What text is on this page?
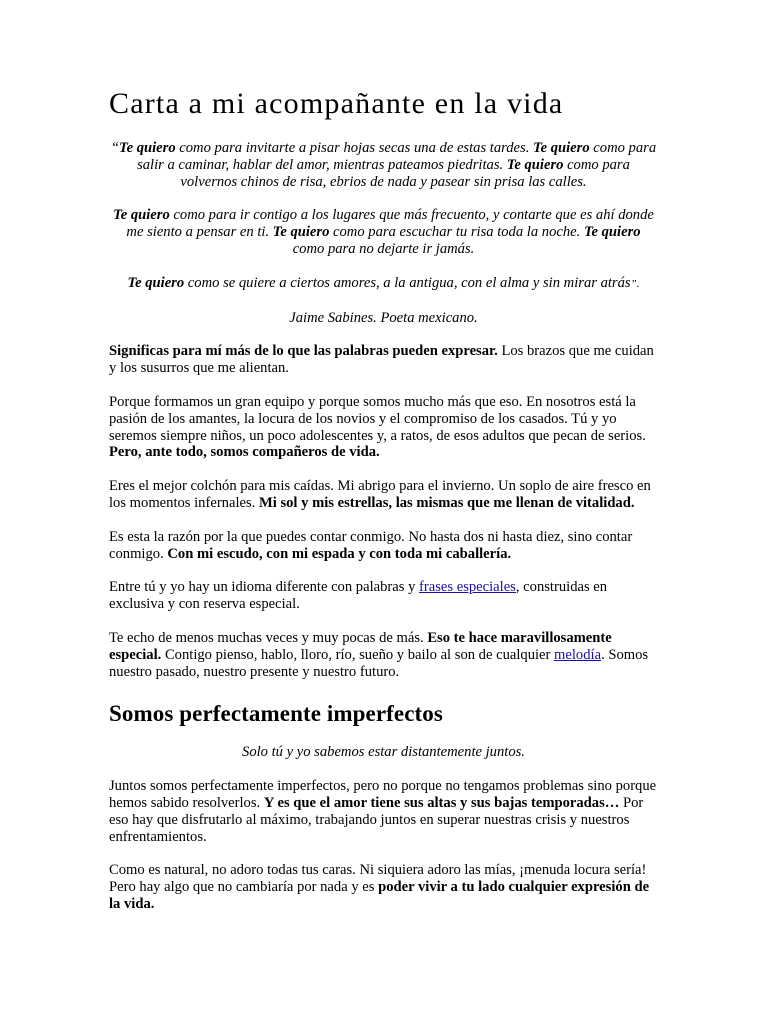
Carta a mi acompañante en la vida

“Te quiero como para invitarte a pisar hojas secas una de estas tardes. Te quiero como para salir a caminar, hablar del amor, mientras pateamos piedritas. Te quiero como para volvernos chinos de risa, ebrios de nada y pasear sin prisa las calles.

Te quiero como para ir contigo a los lugares que más frecuento, y contarte que es ahí donde me siento a pensar en ti. Te quiero como para escuchar tu risa toda la noche. Te quiero como para no dejarte ir jamás.

Te quiero como se quiere a ciertos amores, a la antigua, con el alma y sin mirar atrás”.

Jaime Sabines. Poeta mexicano.

Significas para mí más de lo que las palabras pueden expresar. Los brazos que me cuidan y los susurros que me alientan.

Porque formamos un gran equipo y porque somos mucho más que eso. En nosotros está la pasión de los amantes, la locura de los novios y el compromiso de los casados. Tú y yo seremos siempre niños, un poco adolescentes y, a ratos, de esos adultos que pecan de serios. Pero, ante todo, somos compañeros de vida.

Eres el mejor colchón para mis caídas. Mi abrigo para el invierno. Un soplo de aire fresco en los momentos infernales. Mi sol y mis estrellas, las mismas que me llenan de vitalidad.

Es esta la razón por la que puedes contar conmigo. No hasta dos ni hasta diez, sino contar conmigo. Con mi escudo, con mi espada y con toda mi caballería.

Entre tú y yo hay un idioma diferente con palabras y frases especiales, construidas en exclusiva y con reserva especial.

Te echo de menos muchas veces y muy pocas de más. Eso te hace maravillosamente especial. Contigo pienso, hablo, lloro, río, sueño y bailo al son de cualquier melodía. Somos nuestro pasado, nuestro presente y nuestro futuro.

Somos perfectamente imperfectos

Solo tú y yo sabemos estar distantemente juntos.

Juntos somos perfectamente imperfectos, pero no porque no tengamos problemas sino porque hemos sabido resolverlos. Y es que el amor tiene sus altas y sus bajas temporadas… Por eso hay que disfrutarlo al máximo, trabajando juntos en superar nuestras crisis y nuestros enfrentamientos.

Como es natural, no adoro todas tus caras. Ni siquiera adoro las mías, ¡menuda locura sería! Pero hay algo que no cambiaría por nada y es poder vivir a tu lado cualquier expresión de la vida.
